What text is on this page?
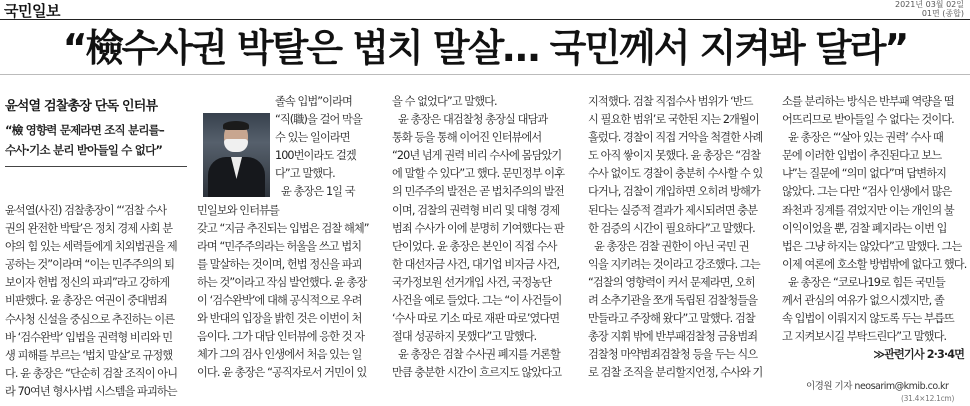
국민일보	2021년 03월 02일
01면 (종합)
“檢수사권 박탈은 법치 말살… 국민께서 지켜봐 달라”
윤석열 검찰총장 단독 인터뷰
“檢 영향력 문제라면 조직 분리를–
수사·기소 분리 받아들일 수 없다”
윤석열(사진) 검찰총장이 “‘검찰 수사
권의 완전한 박탈’은 정치 경제 사회 분
야의 힘 있는 세력들에게 치외법권을 제
공하는 것”이라며 “이는 민주주의의 퇴
보이자 헌법 정신의 파괴”라고 강하게
비판했다. 윤 총장은 여권이 중대범죄
수사청 신설을 중심으로 추진하는 이른
바 ‘검수완박’ 입법을 권력형 비리와 민
생 피해를 부르는 ‘법치 말살’로 규정했
다. 윤 총장은 “단순히 검찰 조직이 아니
라 70여년 형사사법 시스템을 파괴하는
졸속 입법”이라며
“직(職)을 걸어 막을
수 있는 일이라면
100번이라도 걸겠
다”고 말했다.
윤 총장은 1일 국
민일보와 인터뷰를
갖고 “지금 추진되는 입법은 검찰 해체”
라며 “민주주의라는 허울을 쓰고 법치
를 말살하는 것이며, 헌법 정신을 파괴
하는 것”이라고 작심 발언했다. 윤 총장
이 ‘검수완박’에 대해 공식적으로 우려
와 반대의 입장을 밝힌 것은 이번이 처
음이다. 그가 대담 인터뷰에 응한 것 자
체가 그의 검사 인생에서 처음 있는 일
이다. 윤 총장은 “공직자로서 거민이 있
을 수 없었다”고 말했다.
윤 총장은 대검찰청 총장실 대담과
통화 등을 통해 이어진 인터뷰에서
“20년 넘게 권력 비리 수사에 몸담았기
에 말할 수 있다”고 했다. 문민정부 이후
의 민주주의 발전은 곧 법치주의의 발전
이며, 검찰의 권력형 비리 및 대형 경제
범죄 수사가 이에 분명히 기여했다는 판
단이었다. 윤 총장은 본인이 직접 수사
한 대선자금 사건, 대기업 비자금 사건,
국가정보원 선거개입 사건, 국정농단
사건을 예로 들었다. 그는 “이 사건들이
‘수사 따로 기소 따로 재판 따로’였다면
절대 성공하지 못했다”고 말했다.
윤 총장은 검찰 수사권 폐지를 거론할
만큼 충분한 시간이 흐르지도 않았다고
지적했다. 검찰 직접수사 범위가 ‘반드
시 필요한 범위’로 국한된 지는 2개월이
흘렀다. 경찰이 직접 거악을 척결한 사례
도 아직 쌓이지 못했다. 윤 총장은 “검찰
수사 없이도 경찰이 충분히 수사할 수 있
다거나, 검찰이 개입하면 오히려 방해가
된다는 실증적 결과가 제시되려면 충분
한 검증의 시간이 필요하다”고 말했다.
윤 총장은 검찰 권한이 아닌 국민 권
익을 지키려는 것이라고 강조했다. 그는
“검찰의 영향력이 커서 문제라면, 오히
려 소추기관을 쪼개 독립된 검찰청들을
만들라고 주장해 왔다”고 말했다. 검찰
총장 지휘 밖에 반부패검찰청 금융범죄
검찰청 마약범죄검찰청 등을 두는 식으
로 검찰 조직을 분리할지언정, 수사와 기
소를 분리하는 방식은 반부패 역량을 떨
어뜨리므로 받아들일 수 없다는 것이다.
윤 총장은 “‘살아 있는 권력’ 수사 때
문에 이러한 입법이 추진된다고 보느
냐”는 질문에 “의미 없다”며 답변하지
않았다. 그는 다만 “검사 인생에서 많은
좌천과 징계를 겪었지만 이는 개인의 불
이익이었을 뿐, 검찰 폐지라는 이번 입
법은 그냥 하지는 않았다”고 말했다. 그는
이제 여론에 호소할 방법밖에 없다고 했다.
윤 총장은 “코로나19로 힘든 국민들
께서 관심의 여유가 없으시겠지만, 졸
속 입법이 이뤄지지 않도록 두는 부릅뜨
고 지켜보시길 부탁드린다”고 말했다.
≫관련기사 2·3·4면
이경원 기자 neosarim@kmib.co.kr
(31.4×12.1cm)
